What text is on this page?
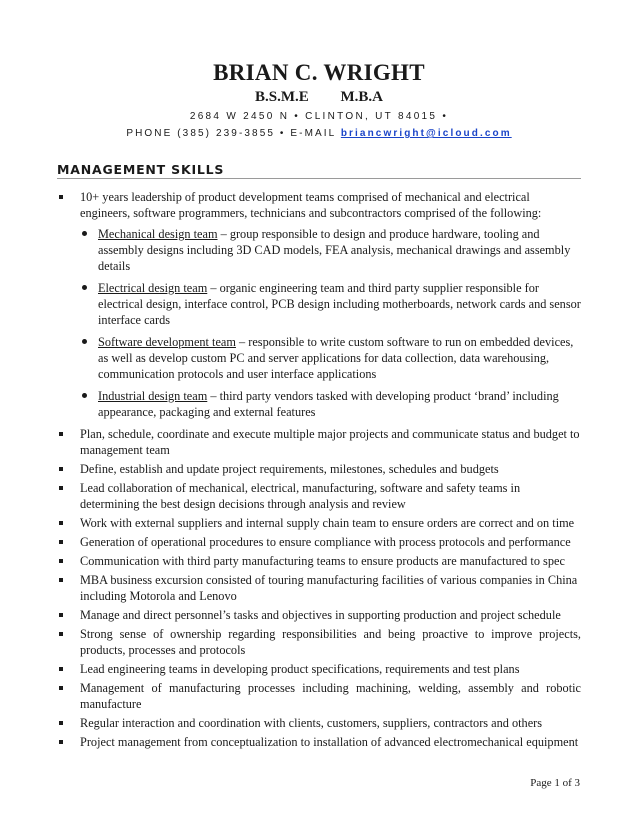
BRIAN C. WRIGHT
B.S.M.E M.B.A
2684 W 2450 N • CLINTON, UT 84015 •
PHONE (385) 239-3855 • E-MAIL briancwright@icloud.com
MANAGEMENT SKILLS
10+ years leadership of product development teams comprised of mechanical and electrical engineers, software programmers, technicians and subcontractors comprised of the following:
Mechanical design team – group responsible to design and produce hardware, tooling and assembly designs including 3D CAD models, FEA analysis, mechanical drawings and assembly details
Electrical design team – organic engineering team and third party supplier responsible for electrical design, interface control, PCB design including motherboards, network cards and sensor interface cards
Software development team – responsible to write custom software to run on embedded devices, as well as develop custom PC and server applications for data collection, data warehousing, communication protocols and user interface applications
Industrial design team – third party vendors tasked with developing product ‘brand’ including appearance, packaging and external features
Plan, schedule, coordinate and execute multiple major projects and communicate status and budget to management team
Define, establish and update project requirements, milestones, schedules and budgets
Lead collaboration of mechanical, electrical, manufacturing, software and safety teams in determining the best design decisions through analysis and review
Work with external suppliers and internal supply chain team to ensure orders are correct and on time
Generation of operational procedures to ensure compliance with process protocols and performance
Communication with third party manufacturing teams to ensure products are manufactured to spec
MBA business excursion consisted of touring manufacturing facilities of various companies in China including Motorola and Lenovo
Manage and direct personnel’s tasks and objectives in supporting production and project schedule
Strong sense of ownership regarding responsibilities and being proactive to improve projects, products, processes and protocols
Lead engineering teams in developing product specifications, requirements and test plans
Management of manufacturing processes including machining, welding, assembly and robotic manufacture
Regular interaction and coordination with clients, customers, suppliers, contractors and others
Project management from conceptualization to installation of advanced electromechanical equipment
Page 1 of 3
